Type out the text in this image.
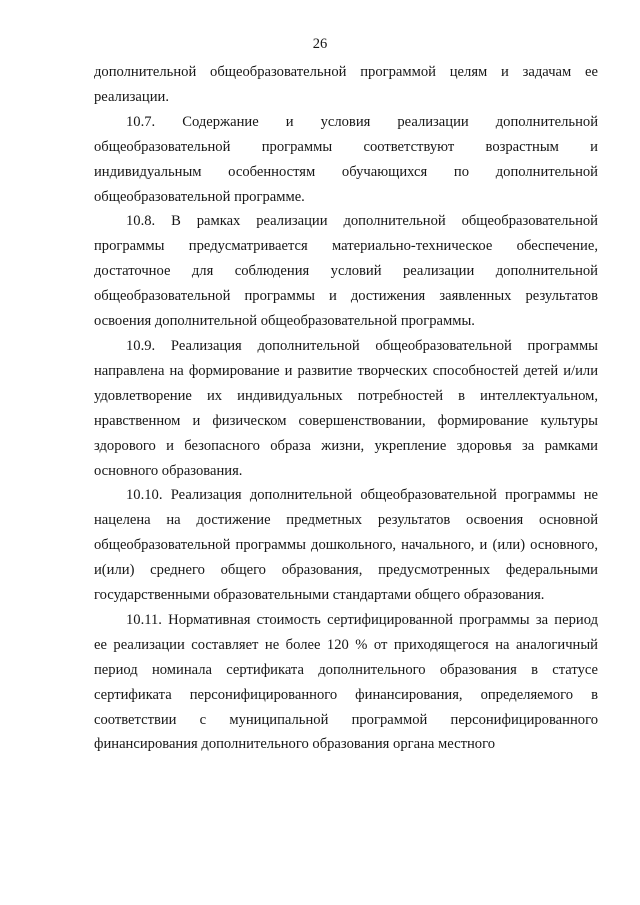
26

дополнительной общеобразовательной программой целям и задачам ее реализации.

10.7. Содержание и условия реализации дополнительной общеобразовательной программы соответствуют возрастным и индивидуальным особенностям обучающихся по дополнительной общеобразовательной программе.

10.8. В рамках реализации дополнительной общеобразовательной программы предусматривается материально-техническое обеспечение, достаточное для соблюдения условий реализации дополнительной общеобразовательной программы и достижения заявленных результатов освоения дополнительной общеобразовательной программы.

10.9. Реализация дополнительной общеобразовательной программы направлена на формирование и развитие творческих способностей детей и/или удовлетворение их индивидуальных потребностей в интеллектуальном, нравственном и физическом совершенствовании, формирование культуры здорового и безопасного образа жизни, укрепление здоровья за рамками основного образования.

10.10. Реализация дополнительной общеобразовательной программы не нацелена на достижение предметных результатов освоения основной общеобразовательной программы дошкольного, начального, и (или) основного, и(или) среднего общего образования, предусмотренных федеральными государственными образовательными стандартами общего образования.

10.11. Нормативная стоимость сертифицированной программы за период ее реализации составляет не более 120 % от приходящегося на аналогичный период номинала сертификата дополнительного образования в статусе сертификата персонифицированного финансирования, определяемого в соответствии с муниципальной программой персонифицированного финансирования дополнительного образования органа местного
